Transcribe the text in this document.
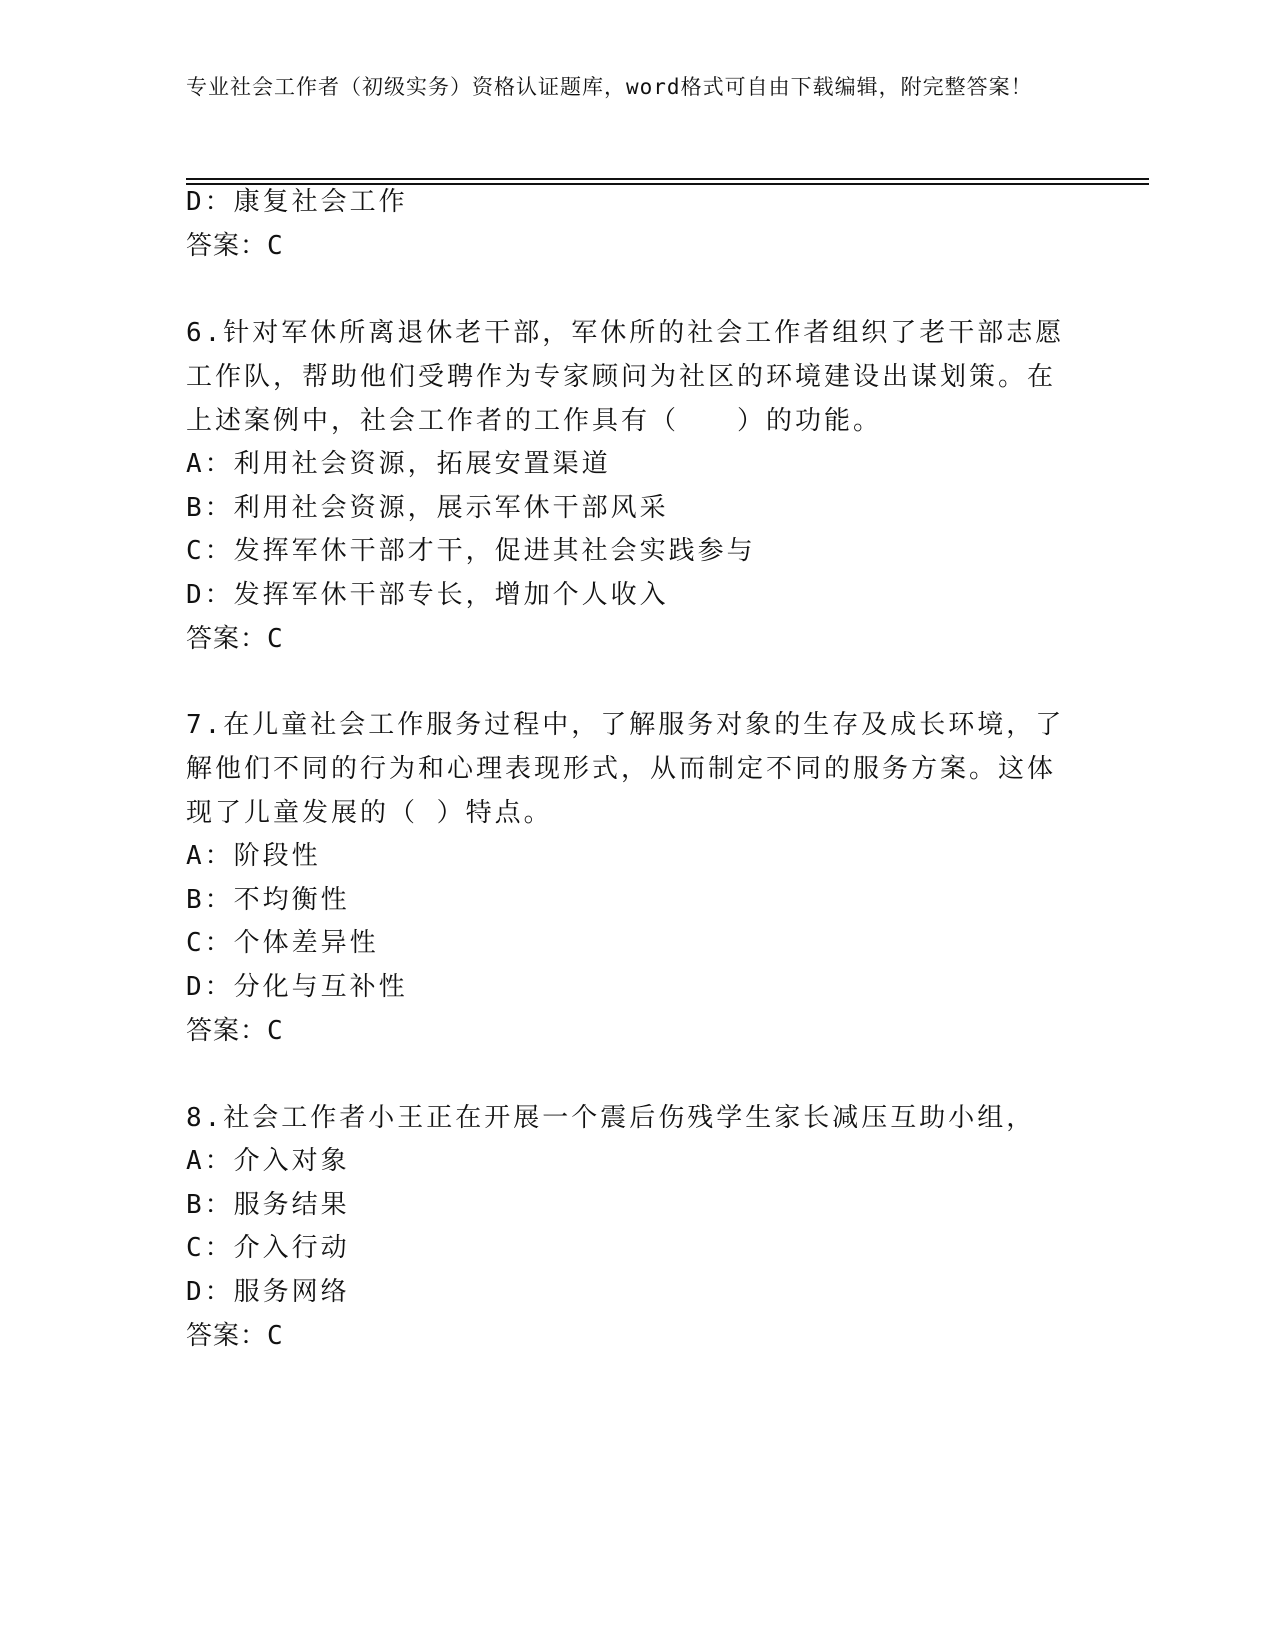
专业社会工作者（初级实务）资格认证题库，word格式可自由下载编辑，附完整答案！
D：康复社会工作
答案：C
6.针对军休所离退休老干部，军休所的社会工作者组织了老干部志愿
工作队，帮助他们受聘作为专家顾问为社区的环境建设出谋划策。在
上述案例中，社会工作者的工作具有（　　）的功能。
A：利用社会资源，拓展安置渠道
B：利用社会资源，展示军休干部风采
C：发挥军休干部才干，促进其社会实践参与
D：发挥军休干部专长，增加个人收入
答案：C
7.在儿童社会工作服务过程中，了解服务对象的生存及成长环境，了
解他们不同的行为和心理表现形式，从而制定不同的服务方案。这体
现了儿童发展的（ ）特点。
A：阶段性
B：不均衡性
C：个体差异性
D：分化与互补性
答案：C
8.社会工作者小王正在开展一个震后伤残学生家长减压互助小组，
A：介入对象
B：服务结果
C：介入行动
D：服务网络
答案：C
